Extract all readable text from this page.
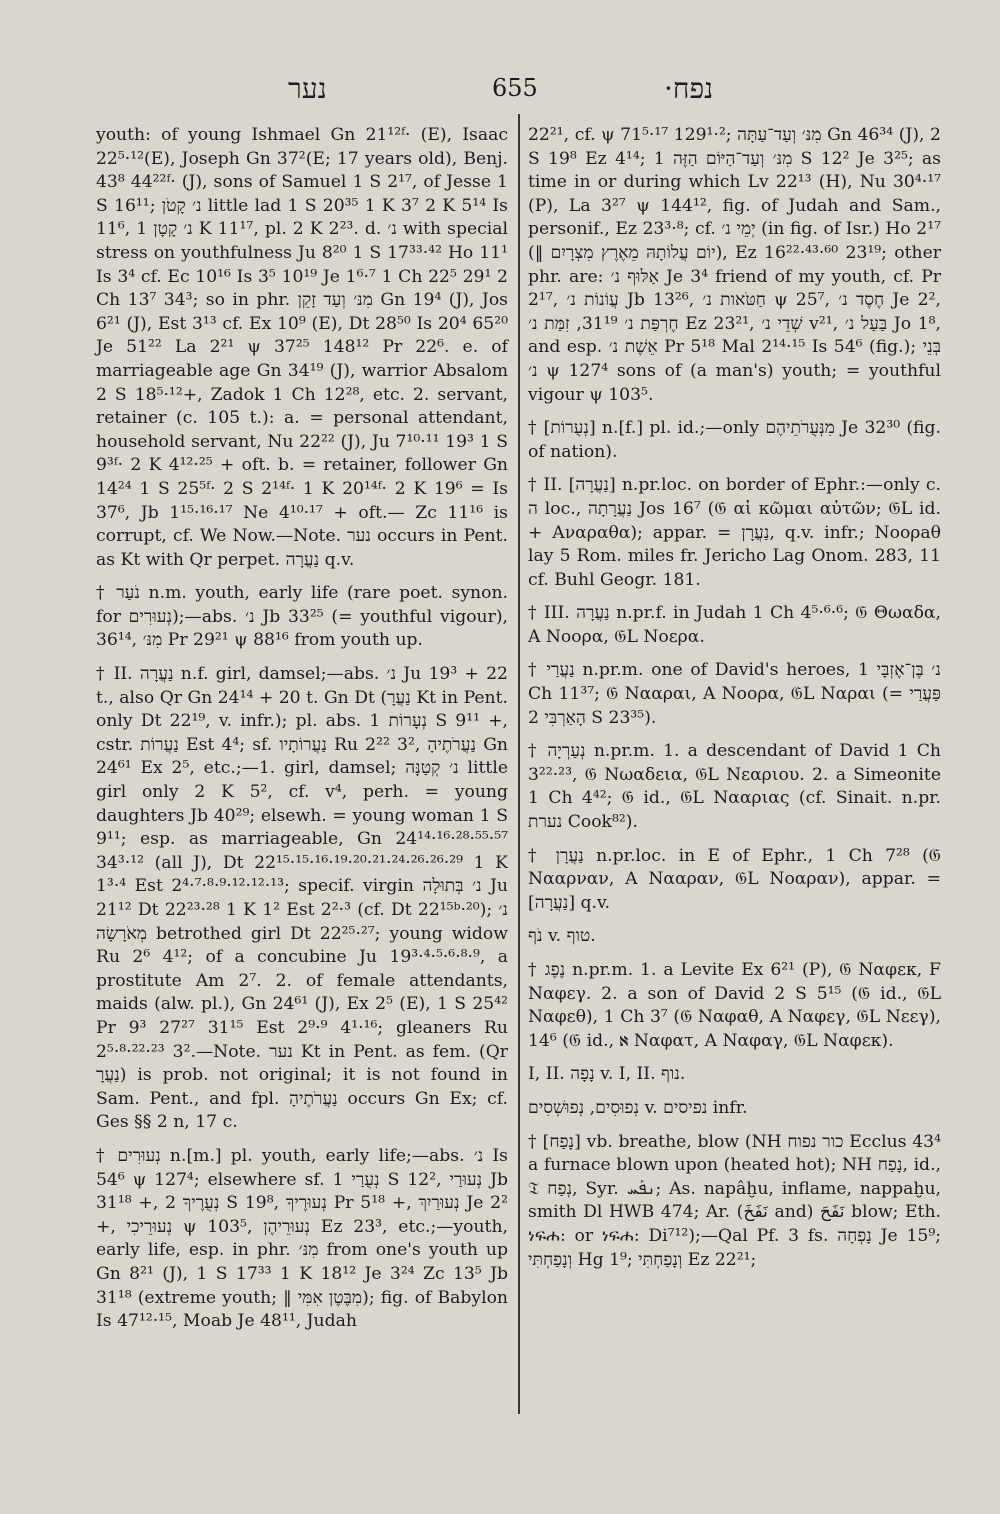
נער	655	נפח·

youth: of young Ishmael Gn 21¹²ᶠ· (E), Isaac 22⁵·¹²(E), Joseph Gn 37²(E; 17 years old), Benj. 43⁸ 44²²ᶠ· (J), sons of Samuel 1 S 2¹⁷, of Jesse 1 S 16¹¹; נ׳ קָטֹן little lad 1 S 20³⁵ 1 K 3⁷ 2 K 5¹⁴ Is 11⁶, נ׳ קָטָן 1 K 11¹⁷, pl. 2 K 2²³. d. נ׳ with special stress on youthfulness Ju 8²⁰ 1 S 17³³·⁴² Ho 11¹ Is 3⁴ cf. Ec 10¹⁶ Is 3⁵ 10¹⁹ Je 1⁶·⁷ 1 Ch 22⁵ 29¹ 2 Ch 13⁷ 34³; so in phr. מִנּ׳ וְעַד זָקֵן Gn 19⁴ (J), Jos 6²¹ (J), Est 3¹³ cf. Ex 10⁹ (E), Dt 28⁵⁰ Is 20⁴ 65²⁰ Je 51²² La 2²¹ ψ 37²⁵ 148¹² Pr 22⁶. e. of marriageable age Gn 34¹⁹ (J), warrior Absalom 2 S 18⁵·¹²+, Zadok 1 Ch 12²⁸, etc. 2. servant, retainer (c. 105 t.): a. = personal attendant, household servant, Nu 22²² (J), Ju 7¹⁰·¹¹ 19³ 1 S 9³ᶠ· 2 K 4¹²·²⁵ + oft. b. = retainer, follower Gn 14²⁴ 1 S 25⁵ᶠ· 2 S 2¹⁴ᶠ· 1 K 20¹⁴ᶠ· 2 K 19⁶ = Is 37⁶, Jb 1¹⁵·¹⁶·¹⁷ Ne 4¹⁰·¹⁷ + oft.— Zc 11¹⁶ is corrupt, cf. We Now.—Note. נער occurs in Pent. as Kt with Qr perpet. נַעֲרָה q.v.

† נֹעַר n.m. youth, early life (rare poet. synon. for נְעוּרִים);—abs. נ׳ Jb 33²⁵ (= youthful vigour), 36¹⁴, מִנּ׳ Pr 29²¹ ψ 88¹⁶ from youth up.

† II. נַעֲרָה n.f. girl, damsel;—abs. נ׳ Ju 19³ + 22 t., also Qr Gn 24¹⁴ + 20 t. Gn Dt (נַעֲרָ Kt in Pent. only Dt 22¹⁹, v. infr.); pl. abs. נְעָרוֹת 1 S 9¹¹ +, cstr. נַעֲרוֹת Est 4⁴; sf. נַעֲרוֹתָיו Ru 2²² 3², נַעֲרֹתֶיהָ Gn 24⁶¹ Ex 2⁵, etc.;—1. girl, damsel; נ׳ קְטַנָּה little girl only 2 K 5², cf. v⁴, perh. = young daughters Jb 40²⁹; elsewh. = young woman 1 S 9¹¹; esp. as marriageable, Gn 24¹⁴·¹⁶·²⁸·⁵⁵·⁵⁷ 34³·¹² (all J), Dt 22¹⁵·¹⁵·¹⁶·¹⁹·²⁰·²¹·²⁴·²⁶·²⁶·²⁹ 1 K 1³·⁴ Est 2⁴·⁷·⁸·⁹·¹²·¹²·¹³; specif. virgin נ׳ בְּתוּלָה Ju 21¹² Dt 22²³·²⁸ 1 K 1² Est 2²·³ (cf. Dt 22¹⁵ᵇ·²⁰); נ׳ מְאֹרָשָׂה betrothed girl Dt 22²⁵·²⁷; young widow Ru 2⁶ 4¹²; of a concubine Ju 19³·⁴·⁵·⁶·⁸·⁹, a prostitute Am 2⁷. 2. of female attendants, maids (alw. pl.), Gn 24⁶¹ (J), Ex 2⁵ (E), 1 S 25⁴² Pr 9³ 27²⁷ 31¹⁵ Est 2⁹·⁹ 4¹·¹⁶; gleaners Ru 2⁵·⁸·²²·²³ 3².—Note. נער Kt in Pent. as fem. (Qr נַעֲרָ) is prob. not original; it is not found in Sam. Pent., and fpl. נַעֲרֹתֶיהָ occurs Gn Ex; cf. Ges §§ 2 n, 17 c.

† נְעוּרִים n.[m.] pl. youth, early life;—abs. נ׳ Is 54⁶ ψ 127⁴; elsewhere sf. נְעֻרַי 1 S 12², נְעוּרַי Jb 31¹⁸ +, נְעֻרֶיךָ 2 S 19⁸, נְעוּרֶיךָ Pr 5¹⁸ +, נְעוּרַיִךְ Je 2² +, נְעוּרֵיכִי ψ 103⁵, נְעוּרֵיהֶן Ez 23³, etc.;—youth, early life, esp. in phr. מִנּ׳ from one's youth up Gn 8²¹ (J), 1 S 17³³ 1 K 18¹² Je 3²⁴ Zc 13⁵ Jb 31¹⁸ (extreme youth; ‖ מִבֶּטֶן אִמִּי); fig. of Babylon Is 47¹²·¹⁵, Moab Je 48¹¹, Judah

22²¹, cf. ψ 71⁵·¹⁷ 129¹·²; מִנּ׳ וְעַד־עַתָּה Gn 46³⁴ (J), 2 S 19⁸ Ez 4¹⁴; מִנּ׳ וְעַד־הַיּוֹם הַזֶּה 1 S 12² Je 3²⁵; as time in or during which Lv 22¹³ (H), Nu 30⁴·¹⁷ (P), La 3²⁷ ψ 144¹², fig. of Judah and Sam., personif., Ez 23³·⁸; cf. יְמֵי נ׳ (in fig. of Isr.) Ho 2¹⁷ (‖ יוֹם עֲלוֹתָהּ מֵאֶרֶץ מִצְרָיִם), Ez 16²²·⁴³·⁶⁰ 23¹⁹; other phr. are: אַלּוּף נ׳ Je 3⁴ friend of my youth, cf. Pr 2¹⁷, עֲוֹנוֹת נ׳ Jb 13²⁶, חַטֹּאות נ׳ ψ 25⁷, חֶסֶד נ׳ Je 2², חֶרְפַּת נ׳ 31¹⁹, זִמַּת נ׳ Ez 23²¹, שְׁדֵי נ׳ v²¹, בַּעַל נ׳ Jo 1⁸, and esp. אֵשֶׁת נ׳ Pr 5¹⁸ Mal 2¹⁴·¹⁵ Is 54⁶ (fig.); בְּנֵי נ׳ ψ 127⁴ sons of (a man's) youth; = youthful vigour ψ 103⁵.

† [נְעֻרוֹת] n.[f.] pl. id.;—only מִנְּעֻרֹתֵיהֶם Je 32³⁰ (fig. of nation).

† II. [נַעֲרָה] n.pr.loc. on border of Ephr.:—only c. ה loc., נַעֲרָתָה Jos 16⁷ (𝔊 αἱ κῶμαι αὐτῶν; 𝔊L id. + Αναραθα); appar. = נַעֲרָן, q.v. infr.; Νοορaθ lay 5 Rom. miles fr. Jericho Lag Onom. 283, 11 cf. Buhl Geogr. 181.

† III. נַעֲרָה n.pr.f. in Judah 1 Ch 4⁵·⁶·⁶; 𝔊 Θωαδα, A Νοορα, 𝔊L Νοερα.

† נַעֲרַי n.pr.m. one of David's heroes, נ׳ בֶּן־אֶזְבָּי 1 Ch 11³⁷; 𝔊 Νααραι, A Νοορα, 𝔊L Ναραι (= פַּעֲרַי הָאַרְבִּי 2 S 23³⁵).

† נְעַרְיָה n.pr.m. 1. a descendant of David 1 Ch 3²²·²³, 𝔊 Νωαδεια, 𝔊L Νεαριου. 2. a Simeonite 1 Ch 4⁴²; 𝔊 id., 𝔊L Νααριας (cf. Sinait. n.pr. נערת Cook⁸²).

† נַעֲרָן n.pr.loc. in E of Ephr., 1 Ch 7²⁸ (𝔊 Νααρναν, A Νααραν, 𝔊L Νοαραν), appar. = [נַעֲרָה] q.v.

נֹף v. טוף.

† נֶפֶג n.pr.m. 1. a Levite Ex 6²¹ (P), 𝔊 Ναφεκ, F Ναφεγ. 2. a son of David 2 S 5¹⁵ (𝔊 id., 𝔊L Ναφεθ), 1 Ch 3⁷ (𝔊 Ναφαθ, A Ναφεγ, 𝔊L Νεεγ), 14⁶ (𝔊 id., ℵ Ναφατ, A Ναφαγ, 𝔊L Ναφεκ).

I, II. נָפָה v. I, II. נוף.

נְפוּסִים, נְפוּשְׁסִים v. נפיסים infr.

† [נָפַח] vb. breathe, blow (NH כור נפוח Ecclus 43⁴ a furnace blown upon (heated hot); NH נָפַח, id., 𝔗 נְפַח, Syr. ܢܦܰܚ; As. napâḫu, inflame, nappaḫu, smith Dl HWB 474; Ar. (نَفَخَ and) نَفَحَ blow; Eth. ነፍሐ: or ነፍሐ: Di⁷¹²);—Qal Pf. 3 fs. נָפְחָה Je 15⁹; וְנָפַחְתִּי Hg 1⁹; וְנָפַחְתִּי Ez 22²¹;
